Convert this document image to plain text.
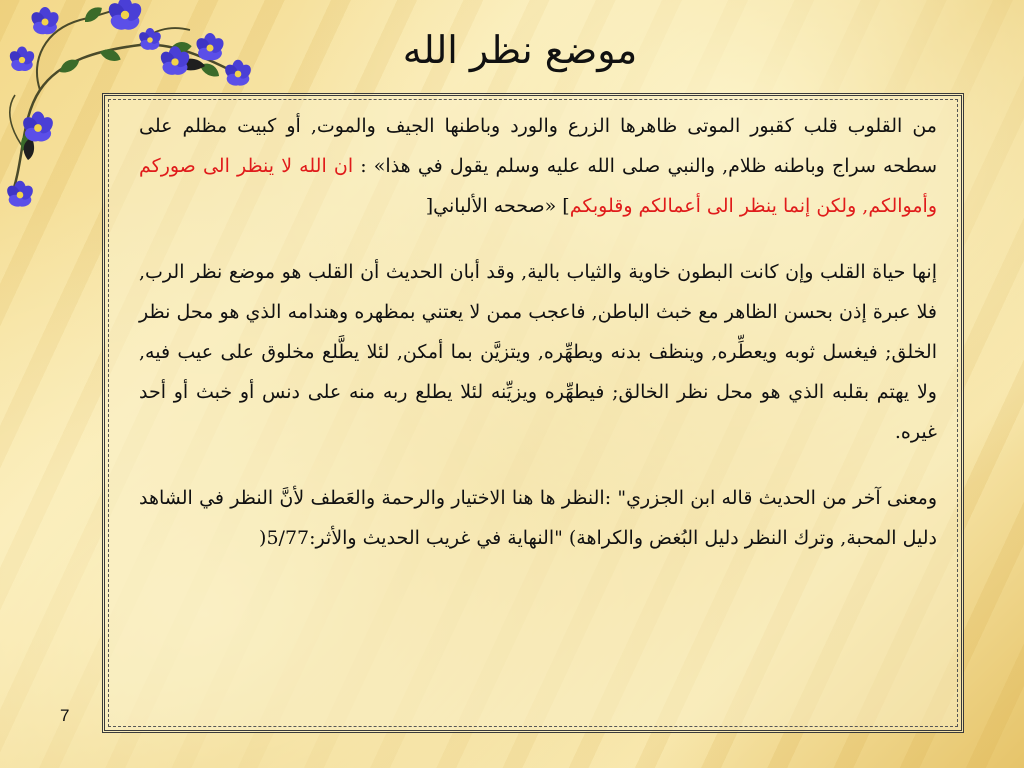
موضع نظر الله

من القلوب قلب كقبور الموتى ظاهرها الزرع والورد وباطنها الجيف والموت, أو كبيت مظلم على سطحه سراج وباطنه ظلام, والنبي صلى الله عليه وسلم يقول في هذا» : ان الله لا ينظر الى صوركم وأموالكم, ولكن إنما ينظر الى أعمالكم وقلوبكم] «صححه الألباني[

إنها حياة القلب وإن كانت البطون خاوية والثياب بالية, وقد أبان الحديث أن القلب هو موضع نظر الرب, فلا عبرة إذن بحسن الظاهر مع خبث الباطن, فاعجب ممن لا يعتني بمظهره وهندامه الذي هو محل نظر الخلق; فيغسل ثوبه ويعطِّره, وينظف بدنه ويطهِّره, ويتزيَّن بما أمكن, لئلا يطَّلع مخلوق على عيب فيه, ولا يهتم بقلبه الذي هو محل نظر الخالق; فيطهِّره ويزيِّنه لئلا يطلع ربه منه على دنس أو خبث أو أحد غيره.

ومعنى آخر من الحديث قاله ابن الجزري" :النظر ها هنا الاختيار والرحمة والعَطف لأنَّ النظر في الشاهد دليل المحبة, وترك النظر دليل البُغض والكراهة) "النهاية في غريب الحديث والأثر:5/77(

7
